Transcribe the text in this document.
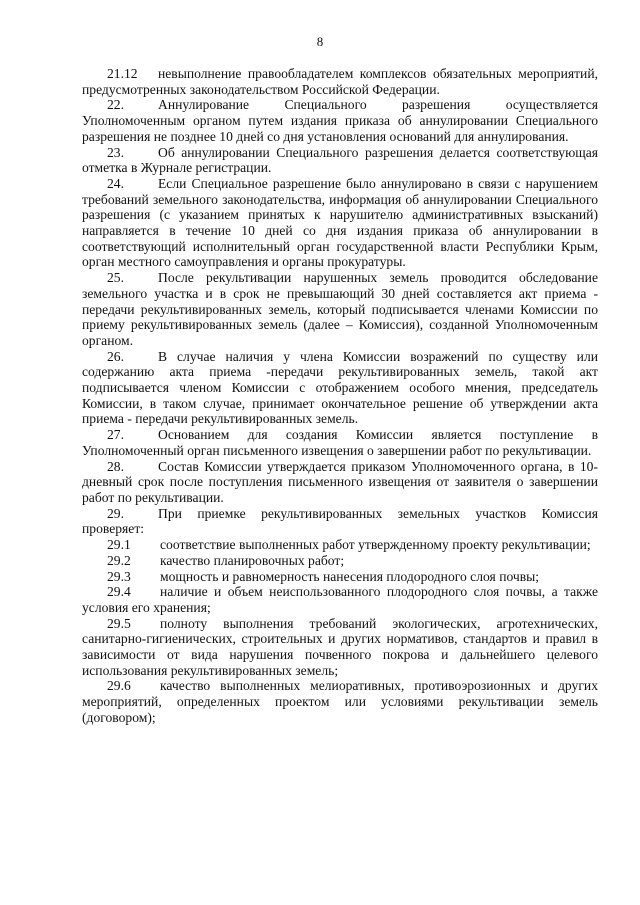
8

21.12 невыполнение правообладателем комплексов обязательных мероприятий, предусмотренных законодательством Российской Федерации.

22.	Аннулирование Специального разрешения осуществляется Уполномоченным органом путем издания приказа об аннулировании Специального разрешения не позднее 10 дней со дня установления оснований для аннулирования.

23.	Об аннулировании Специального разрешения делается соответствующая отметка в Журнале регистрации.

24.	Если Специальное разрешение было аннулировано в связи с нарушением требований земельного законодательства, информация об аннулировании Специального разрешения (с указанием принятых к нарушителю административных взысканий) направляется в течение 10 дней со дня издания приказа об аннулировании в соответствующий исполнительный орган государственной власти Республики Крым, орган местного самоуправления и органы прокуратуры.

25.	После рекультивации нарушенных земель проводится обследование земельного участка и в срок не превышающий 30 дней составляется акт приема - передачи рекультивированных земель, который подписывается членами Комиссии по приему рекультивированных земель (далее – Комиссия), созданной Уполномоченным органом.

26.	В случае наличия у члена Комиссии возражений по существу или содержанию акта приема -передачи рекультивированных земель, такой акт подписывается членом Комиссии с отображением особого мнения, председатель Комиссии, в таком случае, принимает окончательное решение об утверждении акта приема - передачи рекультивированных земель.

27.	Основанием для создания Комиссии является поступление в Уполномоченный орган письменного извещения о завершении работ по рекультивации.

28.	Состав Комиссии утверждается приказом Уполномоченного органа, в 10-дневный срок после поступления письменного извещения от заявителя о завершении работ по рекультивации.

29.	При приемке рекультивированных земельных участков Комиссия проверяет:

29.1 соответствие выполненных работ утвержденному проекту рекультивации;

29.2 качество планировочных работ;

29.3 мощность и равномерность нанесения плодородного слоя почвы;

29.4 наличие и объем неиспользованного плодородного слоя почвы, а также условия его хранения;

29.5 полноту выполнения требований экологических, агротехнических, санитарно-гигиенических, строительных и других нормативов, стандартов и правил в зависимости от вида нарушения почвенного покрова и дальнейшего целевого использования рекультивированных земель;

29.6 качество выполненных мелиоративных, противоэрозионных и других мероприятий, определенных проектом или условиями рекультивации земель (договором);
